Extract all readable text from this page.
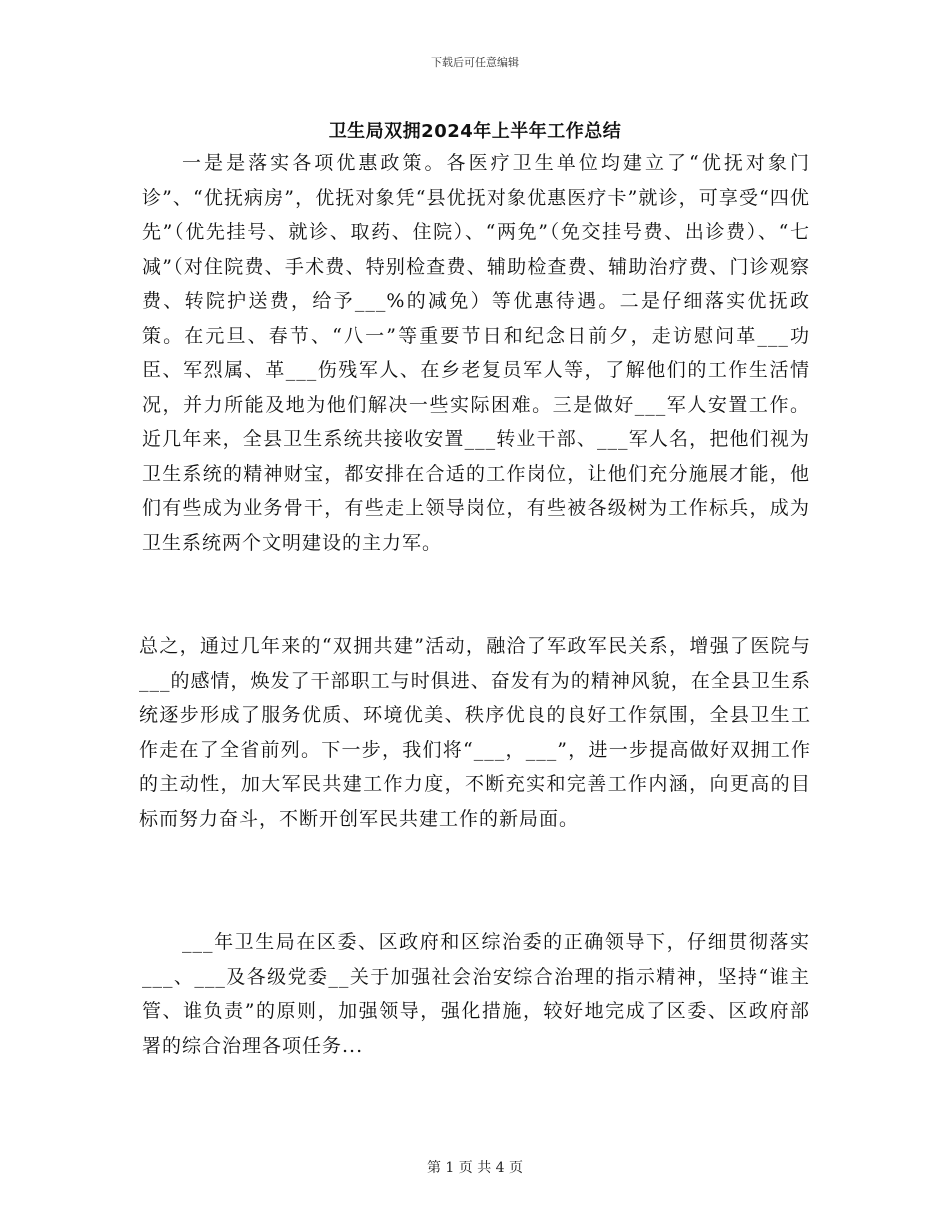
下载后可任意编辑
卫生局双拥2024年上半年工作总结

一是是落实各项优惠政策。各医疗卫生单位均建立了“优抚对象门诊”、“优抚病房”，优抚对象凭“县优抚对象优惠医疗卡”就诊，可享受“四优先”（优先挂号、就诊、取药、住院）、“两免”（免交挂号费、出诊费）、“七减”（对住院费、手术费、特别检查费、辅助检查费、辅助治疗费、门诊观察费、转院护送费，给予___%的减免）等优惠待遇。二是仔细落实优抚政策。在元旦、春节、“八一”等重要节日和纪念日前夕，走访慰问革___功臣、军烈属、革___伤残军人、在乡老复员军人等，了解他们的工作生活情况，并力所能及地为他们解决一些实际困难。三是做好___军人安置工作。近几年来，全县卫生系统共接收安置___转业干部、___军人名，把他们视为卫生系统的精神财宝，都安排在合适的工作岗位，让他们充分施展才能，他们有些成为业务骨干，有些走上领导岗位，有些被各级树为工作标兵，成为卫生系统两个文明建设的主力军。

总之，通过几年来的“双拥共建”活动，融洽了军政军民关系，增强了医院与___的感情，焕发了干部职工与时俱进、奋发有为的精神风貌，在全县卫生系统逐步形成了服务优质、环境优美、秩序优良的良好工作氛围，全县卫生工作走在了全省前列。下一步，我们将“___，___”，进一步提高做好双拥工作的主动性，加大军民共建工作力度，不断充实和完善工作内涵，向更高的目标而努力奋斗，不断开创军民共建工作的新局面。

___年卫生局在区委、区政府和区综治委的正确领导下，仔细贯彻落实___、___及各级党委__关于加强社会治安综合治理的指示精神，坚持“谁主管、谁负责”的原则，加强领导，强化措施，较好地完成了区委、区政府部署的综合治理各项任务...

第 1 页 共 4 页
